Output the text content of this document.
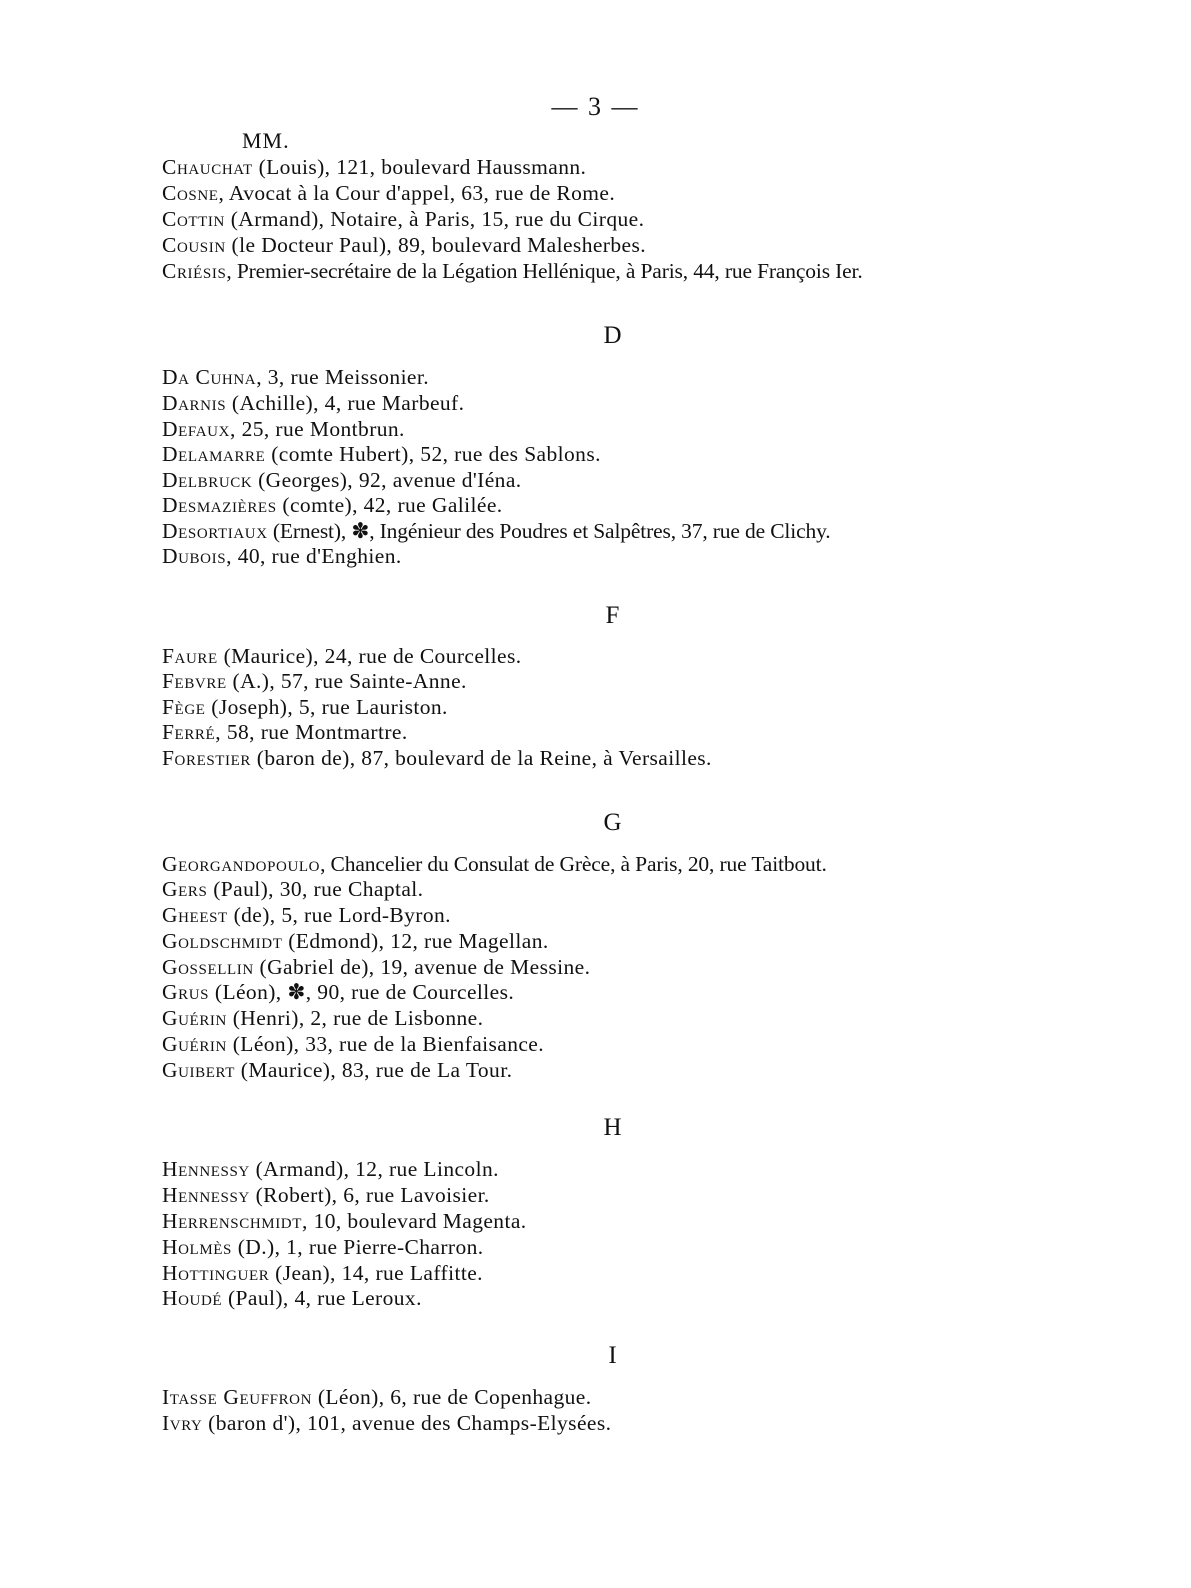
— 3 —
MM.
Chauchat (Louis), 121, boulevard Haussmann.
Cosne, Avocat à la Cour d'appel, 63, rue de Rome.
Cottin (Armand), Notaire, à Paris, 15, rue du Cirque.
Cousin (le Docteur Paul), 89, boulevard Malesherbes.
Criésis, Premier-secrétaire de la Légation Hellénique, à Paris, 44, rue François Ier.
D
Da Cuhna, 3, rue Meissonier.
Darnis (Achille), 4, rue Marbeuf.
Defaux, 25, rue Montbrun.
Delamarre (comte Hubert), 52, rue des Sablons.
Delbruck (Georges), 92, avenue d'Iéna.
Desmazières (comte), 42, rue Galilée.
Desortiaux (Ernest), ✽, Ingénieur des Poudres et Salpêtres, 37, rue de Clichy.
Dubois, 40, rue d'Enghien.
F
Faure (Maurice), 24, rue de Courcelles.
Febvre (A.), 57, rue Sainte-Anne.
Fège (Joseph), 5, rue Lauriston.
Ferré, 58, rue Montmartre.
Forestier (baron de), 87, boulevard de la Reine, à Versailles.
G
Georgandopoulo, Chancelier du Consulat de Grèce, à Paris, 20, rue Taitbout.
Gers (Paul), 30, rue Chaptal.
Gheest (de), 5, rue Lord-Byron.
Goldschmidt (Edmond), 12, rue Magellan.
Gossellin (Gabriel de), 19, avenue de Messine.
Grus (Léon), ✽, 90, rue de Courcelles.
Guérin (Henri), 2, rue de Lisbonne.
Guérin (Léon), 33, rue de la Bienfaisance.
Guibert (Maurice), 83, rue de La Tour.
H
Hennessy (Armand), 12, rue Lincoln.
Hennessy (Robert), 6, rue Lavoisier.
Herrenschmidt, 10, boulevard Magenta.
Holmès (D.), 1, rue Pierre-Charron.
Hottinguer (Jean), 14, rue Laffitte.
Houdé (Paul), 4, rue Leroux.
I
Itasse Geuffron (Léon), 6, rue de Copenhague.
Ivry (baron d'), 101, avenue des Champs-Elysées.
